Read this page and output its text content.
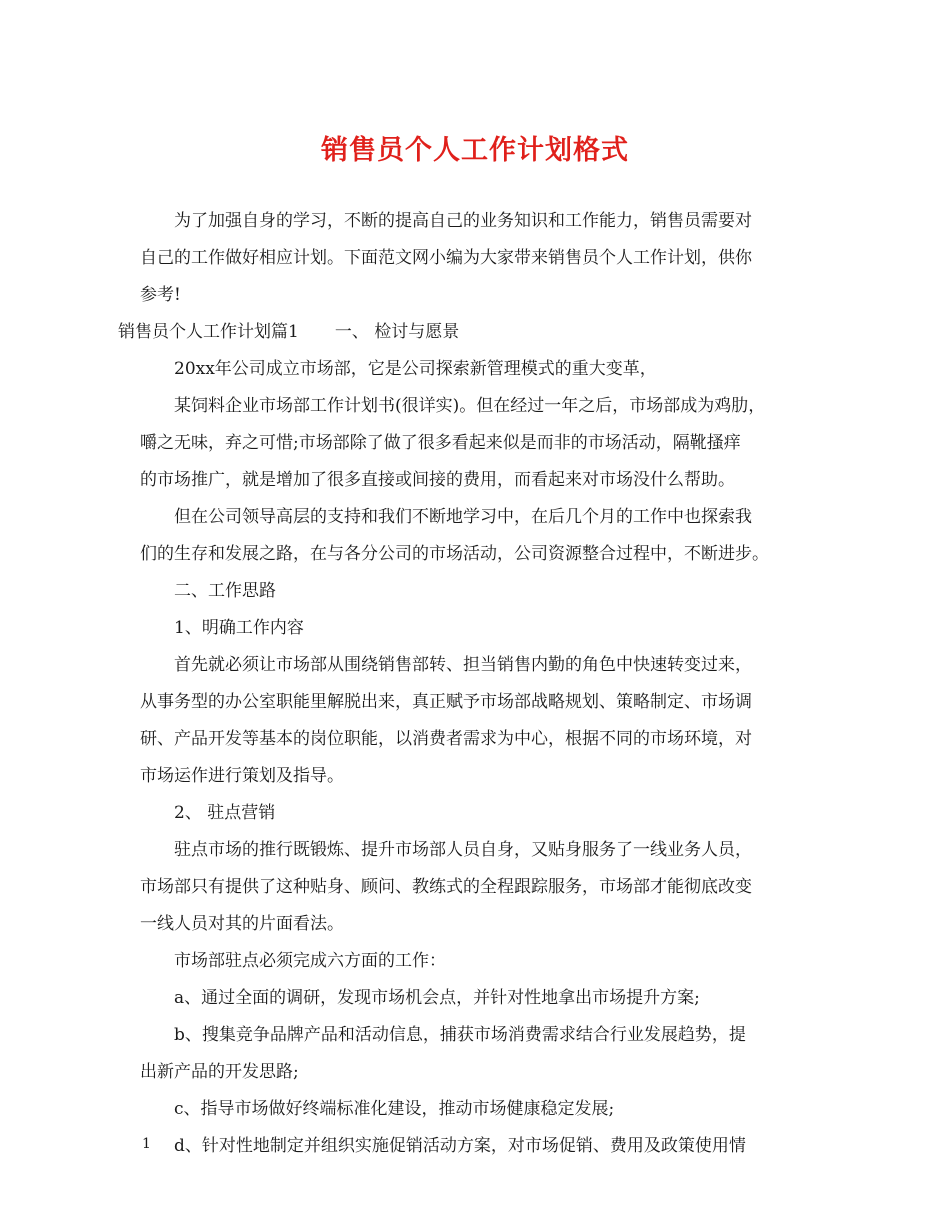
销售员个人工作计划格式

为了加强自身的学习，不断的提高自己的业务知识和工作能力，销售员需要对

自己的工作做好相应计划。下面范文网小编为大家带来销售员个人工作计划，供你

参考!

销售员个人工作计划篇1 一、 检讨与愿景

20xx年公司成立市场部，它是公司探索新管理模式的重大变革，

某饲料企业市场部工作计划书(很详实)。但在经过一年之后，市场部成为鸡肋，

嚼之无味，弃之可惜;市场部除了做了很多看起来似是而非的市场活动，隔靴搔痒

的市场推广，就是增加了很多直接或间接的费用，而看起来对市场没什么帮助。

但在公司领导高层的支持和我们不断地学习中，在后几个月的工作中也探索我

们的生存和发展之路，在与各分公司的市场活动，公司资源整合过程中，不断进步。

二、工作思路

1、明确工作内容

首先就必须让市场部从围绕销售部转、担当销售内勤的角色中快速转变过来，

从事务型的办公室职能里解脱出来，真正赋予市场部战略规划、策略制定、市场调

研、产品开发等基本的岗位职能，以消费者需求为中心，根据不同的市场环境，对

市场运作进行策划及指导。

2、 驻点营销

驻点市场的推行既锻炼、提升市场部人员自身，又贴身服务了一线业务人员，

市场部只有提供了这种贴身、顾问、教练式的全程跟踪服务，市场部才能彻底改变

一线人员对其的片面看法。

市场部驻点必须完成六方面的工作：

a、通过全面的调研，发现市场机会点，并针对性地拿出市场提升方案;

b、搜集竞争品牌产品和活动信息，捕获市场消费需求结合行业发展趋势，提

出新产品的开发思路;

c、指导市场做好终端标准化建设，推动市场健康稳定发展;

d、针对性地制定并组织实施促销活动方案，对市场促销、费用及政策使用情

1
